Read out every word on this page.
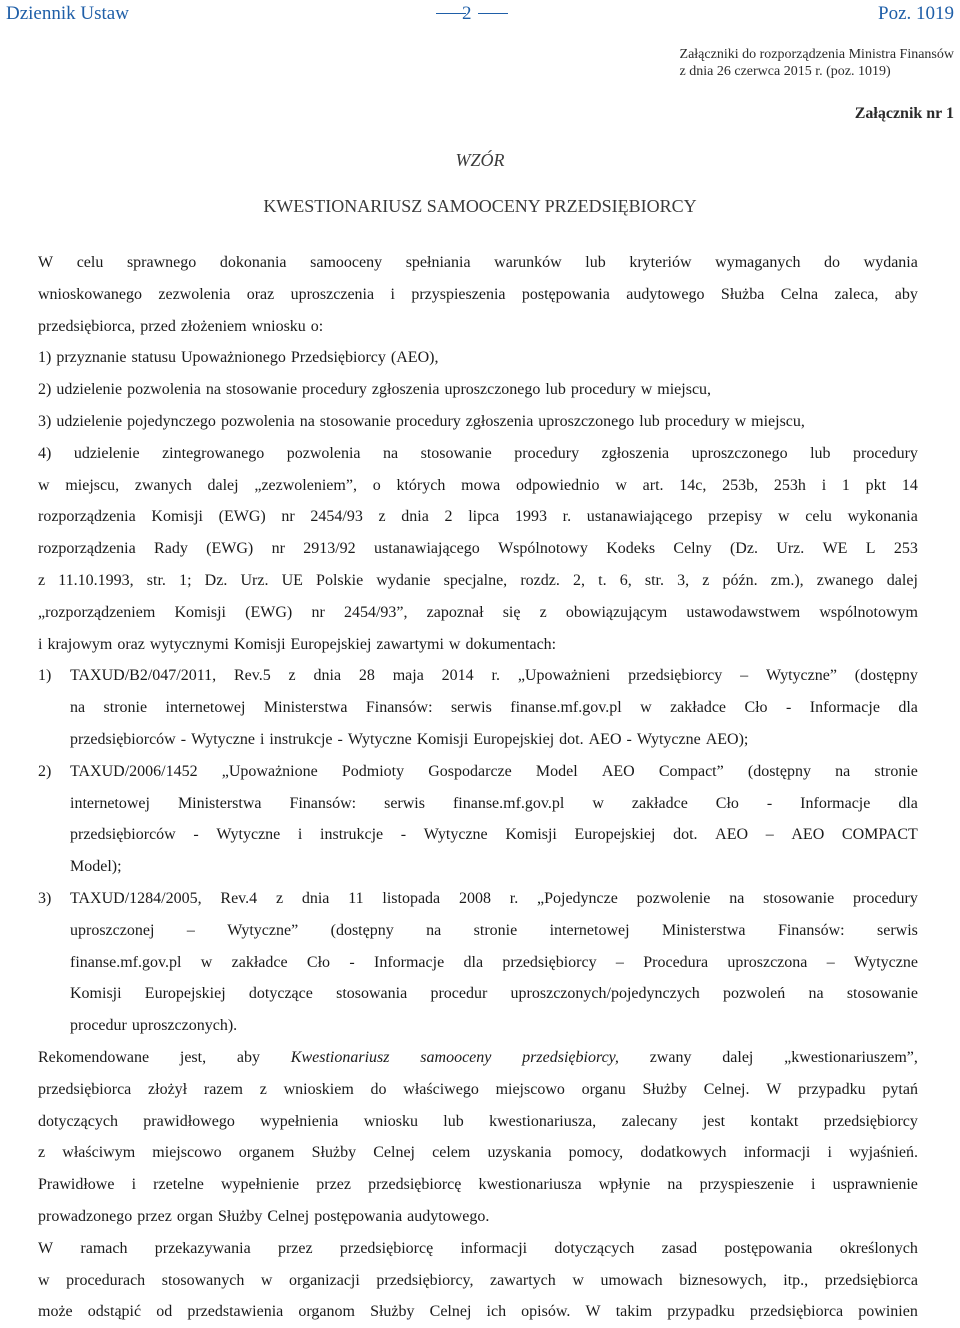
Dziennik Ustaw	2	Poz. 1019
Załączniki do rozporządzenia Ministra Finansów
z dnia 26 czerwca 2015 r. (poz. 1019)
Załącznik nr 1
WZÓR
KWESTIONARIUSZ SAMOOCENY PRZEDSIĘBIORCY
W celu sprawnego dokonania samooceny spełniania warunków lub kryteriów wymaganych do wydania
wnioskowanego zezwolenia oraz uproszczenia i przyspieszenia postępowania audytowego Służba Celna zaleca, aby
przedsiębiorca, przed złożeniem wniosku o:
1) przyznanie statusu Upoważnionego Przedsiębiorcy (AEO),
2) udzielenie pozwolenia na stosowanie procedury zgłoszenia uproszczonego lub procedury w miejscu,
3) udzielenie pojedynczego pozwolenia na stosowanie procedury zgłoszenia uproszczonego lub procedury w miejscu,
4) udzielenie zintegrowanego pozwolenia na stosowanie procedury zgłoszenia uproszczonego lub procedury
w miejscu, zwanych dalej „zezwoleniem”, o których mowa odpowiednio w art. 14c, 253b, 253h i 1 pkt 14
rozporządzenia Komisji (EWG) nr 2454/93 z dnia 2 lipca 1993 r. ustanawiającego przepisy w celu wykonania
rozporządzenia Rady (EWG) nr 2913/92 ustanawiającego Wspólnotowy Kodeks Celny (Dz. Urz. WE L 253
z 11.10.1993, str. 1; Dz. Urz. UE Polskie wydanie specjalne, rozdz. 2, t. 6, str. 3, z późn. zm.), zwanego dalej
„rozporządzeniem Komisji (EWG) nr 2454/93”, zapoznał się z obowiązującym ustawodawstwem wspólnotowym
i krajowym oraz wytycznymi Komisji Europejskiej zawartymi w dokumentach:
1)	TAXUD/B2/047/2011, Rev.5 z dnia 28 maja 2014 r. „Upoważnieni przedsiębiorcy – Wytyczne” (dostępny
na stronie internetowej Ministerstwa Finansów: serwis finanse.mf.gov.pl w zakładce Cło - Informacje dla
przedsiębiorców - Wytyczne i instrukcje - Wytyczne Komisji Europejskiej dot. AEO - Wytyczne AEO);
2)	TAXUD/2006/1452 „Upoważnione Podmioty Gospodarcze Model AEO Compact” (dostępny na stronie
internetowej Ministerstwa Finansów: serwis finanse.mf.gov.pl w zakładce Cło - Informacje dla
przedsiębiorców - Wytyczne i instrukcje - Wytyczne Komisji Europejskiej dot. AEO – AEO COMPACT
Model);
3)	TAXUD/1284/2005, Rev.4 z dnia 11 listopada 2008 r. „Pojedyncze pozwolenie na stosowanie procedury
uproszczonej – Wytyczne” (dostępny na stronie internetowej Ministerstwa Finansów: serwis
finanse.mf.gov.pl w zakładce Cło - Informacje dla przedsiębiorcy – Procedura uproszczona – Wytyczne
Komisji Europejskiej dotyczące stosowania procedur uproszczonych/pojedynczych pozwoleń na stosowanie
procedur uproszczonych).
Rekomendowane jest, aby Kwestionariusz samooceny przedsiębiorcy, zwany dalej „kwestionariuszem”,
przedsiębiorca złożył razem z wnioskiem do właściwego miejscowo organu Służby Celnej. W przypadku pytań
dotyczących prawidłowego wypełnienia wniosku lub kwestionariusza, zalecany jest kontakt przedsiębiorcy
z właściwym miejscowo organem Służby Celnej celem uzyskania pomocy, dodatkowych informacji i wyjaśnień.
Prawidłowe i rzetelne wypełnienie przez przedsiębiorcę kwestionariusza wpłynie na przyspieszenie i usprawnienie
prowadzonego przez organ Służby Celnej postępowania audytowego.
W ramach przekazywania przez przedsiębiorcę informacji dotyczących zasad postępowania określonych
w procedurach stosowanych w organizacji przedsiębiorcy, zawartych w umowach biznesowych, itp., przedsiębiorca
może odstąpić od przedstawienia organom Służby Celnej ich opisów. W takim przypadku przedsiębiorca powinien
